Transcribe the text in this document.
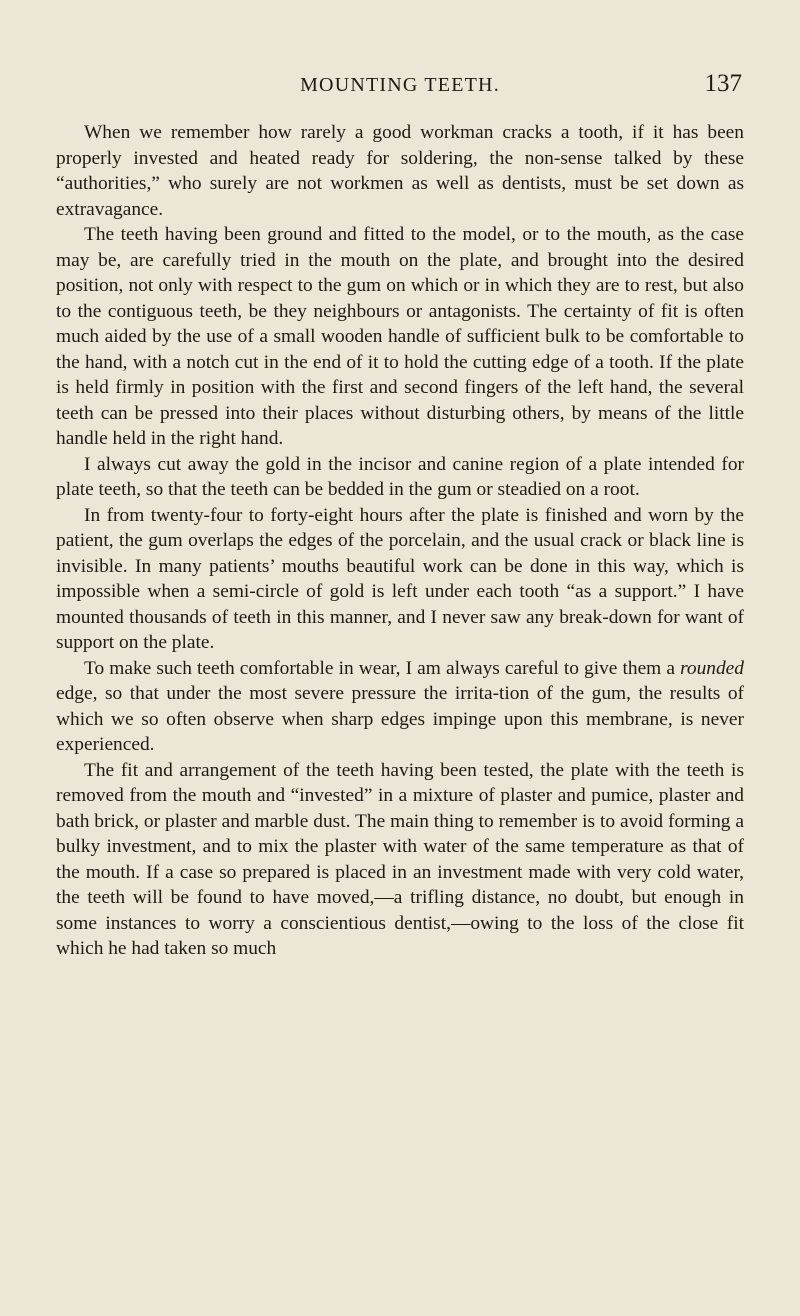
MOUNTING TEETH.	137

When we remember how rarely a good workman cracks a tooth, if it has been properly invested and heated ready for soldering, the non-sense talked by these “authorities,” who surely are not workmen as well as dentists, must be set down as extravagance.

The teeth having been ground and fitted to the model, or to the mouth, as the case may be, are carefully tried in the mouth on the plate, and brought into the desired position, not only with respect to the gum on which or in which they are to rest, but also to the contiguous teeth, be they neighbours or antagonists. The certainty of fit is often much aided by the use of a small wooden handle of sufficient bulk to be comfortable to the hand, with a notch cut in the end of it to hold the cutting edge of a tooth. If the plate is held firmly in position with the first and second fingers of the left hand, the several teeth can be pressed into their places without disturbing others, by means of the little handle held in the right hand.

I always cut away the gold in the incisor and canine region of a plate intended for plate teeth, so that the teeth can be bedded in the gum or steadied on a root.

In from twenty-four to forty-eight hours after the plate is finished and worn by the patient, the gum overlaps the edges of the porcelain, and the usual crack or black line is invisible. In many patients’ mouths beautiful work can be done in this way, which is impossible when a semi-circle of gold is left under each tooth “as a support.” I have mounted thousands of teeth in this manner, and I never saw any break-down for want of support on the plate.

To make such teeth comfortable in wear, I am always careful to give them a rounded edge, so that under the most severe pressure the irrita-tion of the gum, the results of which we so often observe when sharp edges impinge upon this membrane, is never experienced.

The fit and arrangement of the teeth having been tested, the plate with the teeth is removed from the mouth and “invested” in a mixture of plaster and pumice, plaster and bath brick, or plaster and marble dust. The main thing to remember is to avoid forming a bulky investment, and to mix the plaster with water of the same temperature as that of the mouth. If a case so prepared is placed in an investment made with very cold water, the teeth will be found to have moved,—a trifling distance, no doubt, but enough in some instances to worry a conscientious dentist,—owing to the loss of the close fit which he had taken so much
